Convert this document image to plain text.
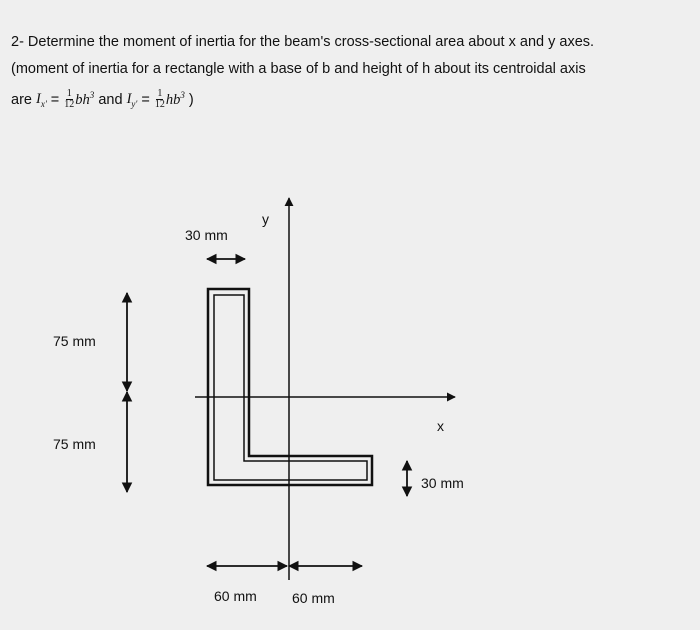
2- Determine the moment of inertia for the beam's cross-sectional area about x and y axes.
(moment of inertia for a rectangle with a base of b and height of h about its centroidal axis
are
$I_{x'}$
=
$\frac{1}{12} bh^3$
and
$I_{y'}$
=
$\frac{1}{12} hb^3$
)
30 mm
y
x
75 mm
75 mm
30 mm
60 mm	60 mm
